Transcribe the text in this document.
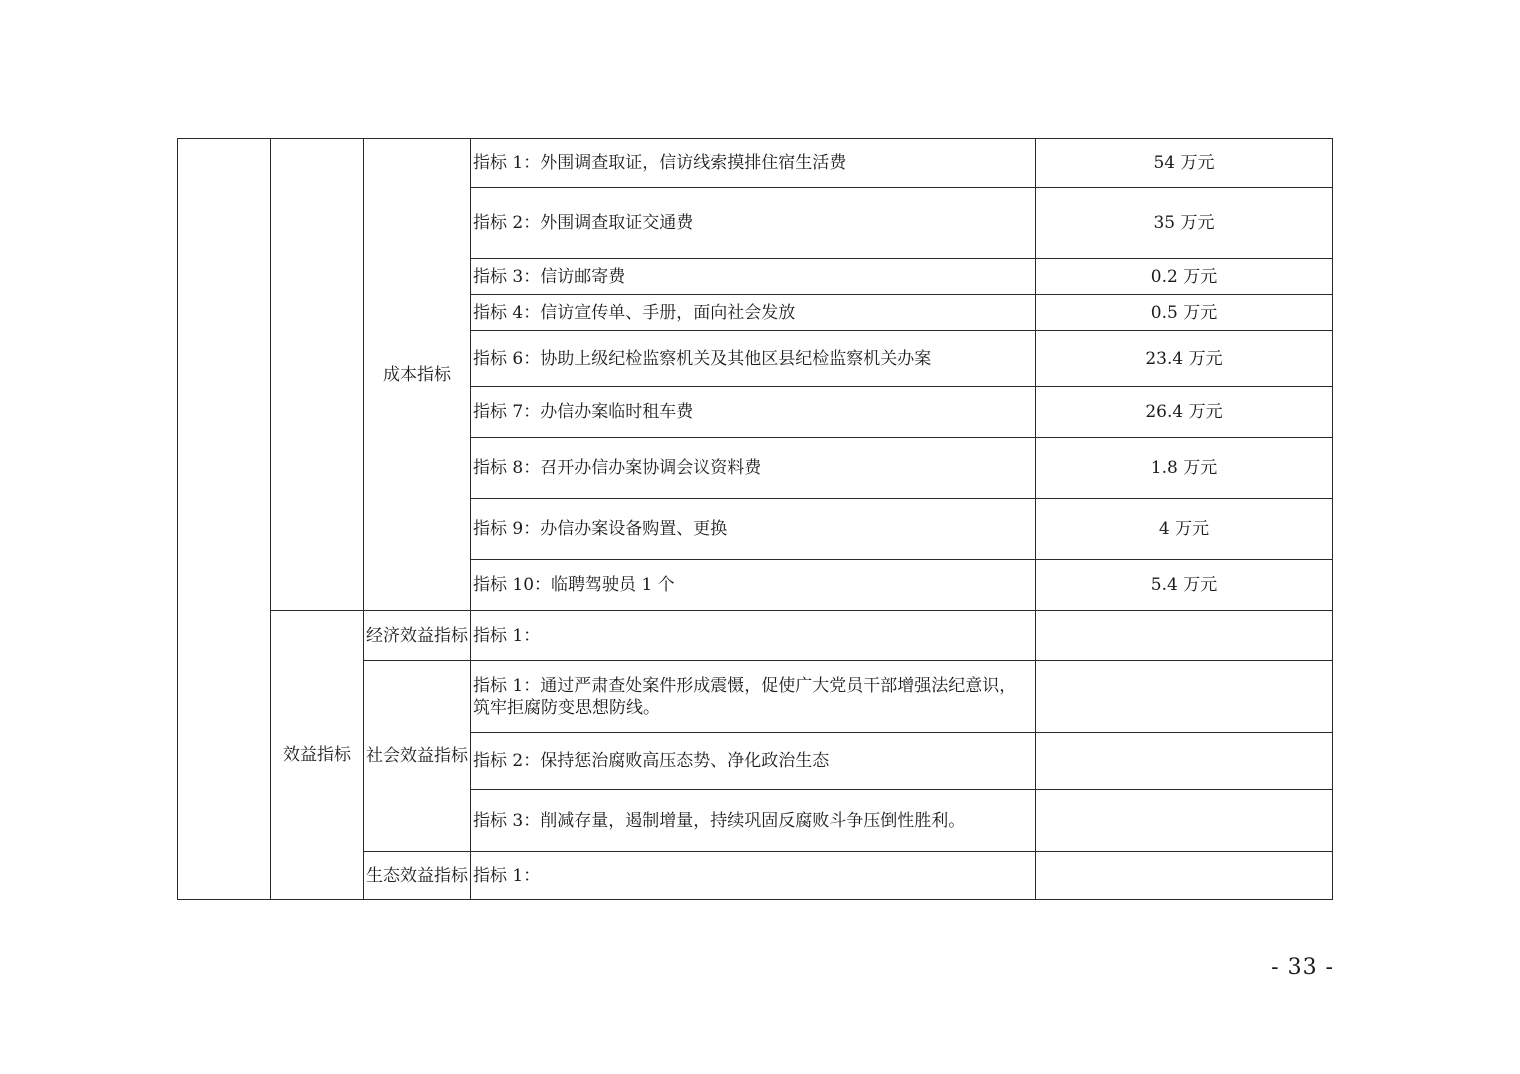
		成本指标	指标 1：外围调查取证，信访线索摸排住宿生活费	54 万元
			指标 2：外围调查取证交通费	35 万元
			指标 3：信访邮寄费	0.2 万元
			指标 4：信访宣传单、手册，面向社会发放	0.5 万元
			指标 6：协助上级纪检监察机关及其他区县纪检监察机关办案	23.4 万元
			指标 7：办信办案临时租车费	26.4 万元
			指标 8：召开办信办案协调会议资料费	1.8 万元
			指标 9：办信办案设备购置、更换	4 万元
			指标 10：临聘驾驶员 1 个	5.4 万元
	效益指标	经济效益指标	指标 1：	
		社会效益指标	指标 1：通过严肃查处案件形成震慑，促使广大党员干部增强法纪意识，筑牢拒腐防变思想防线。	
			指标 2：保持惩治腐败高压态势、净化政治生态	
			指标 3：削减存量，遏制增量，持续巩固反腐败斗争压倒性胜利。	
		生态效益指标	指标 1：	
- 33 -
